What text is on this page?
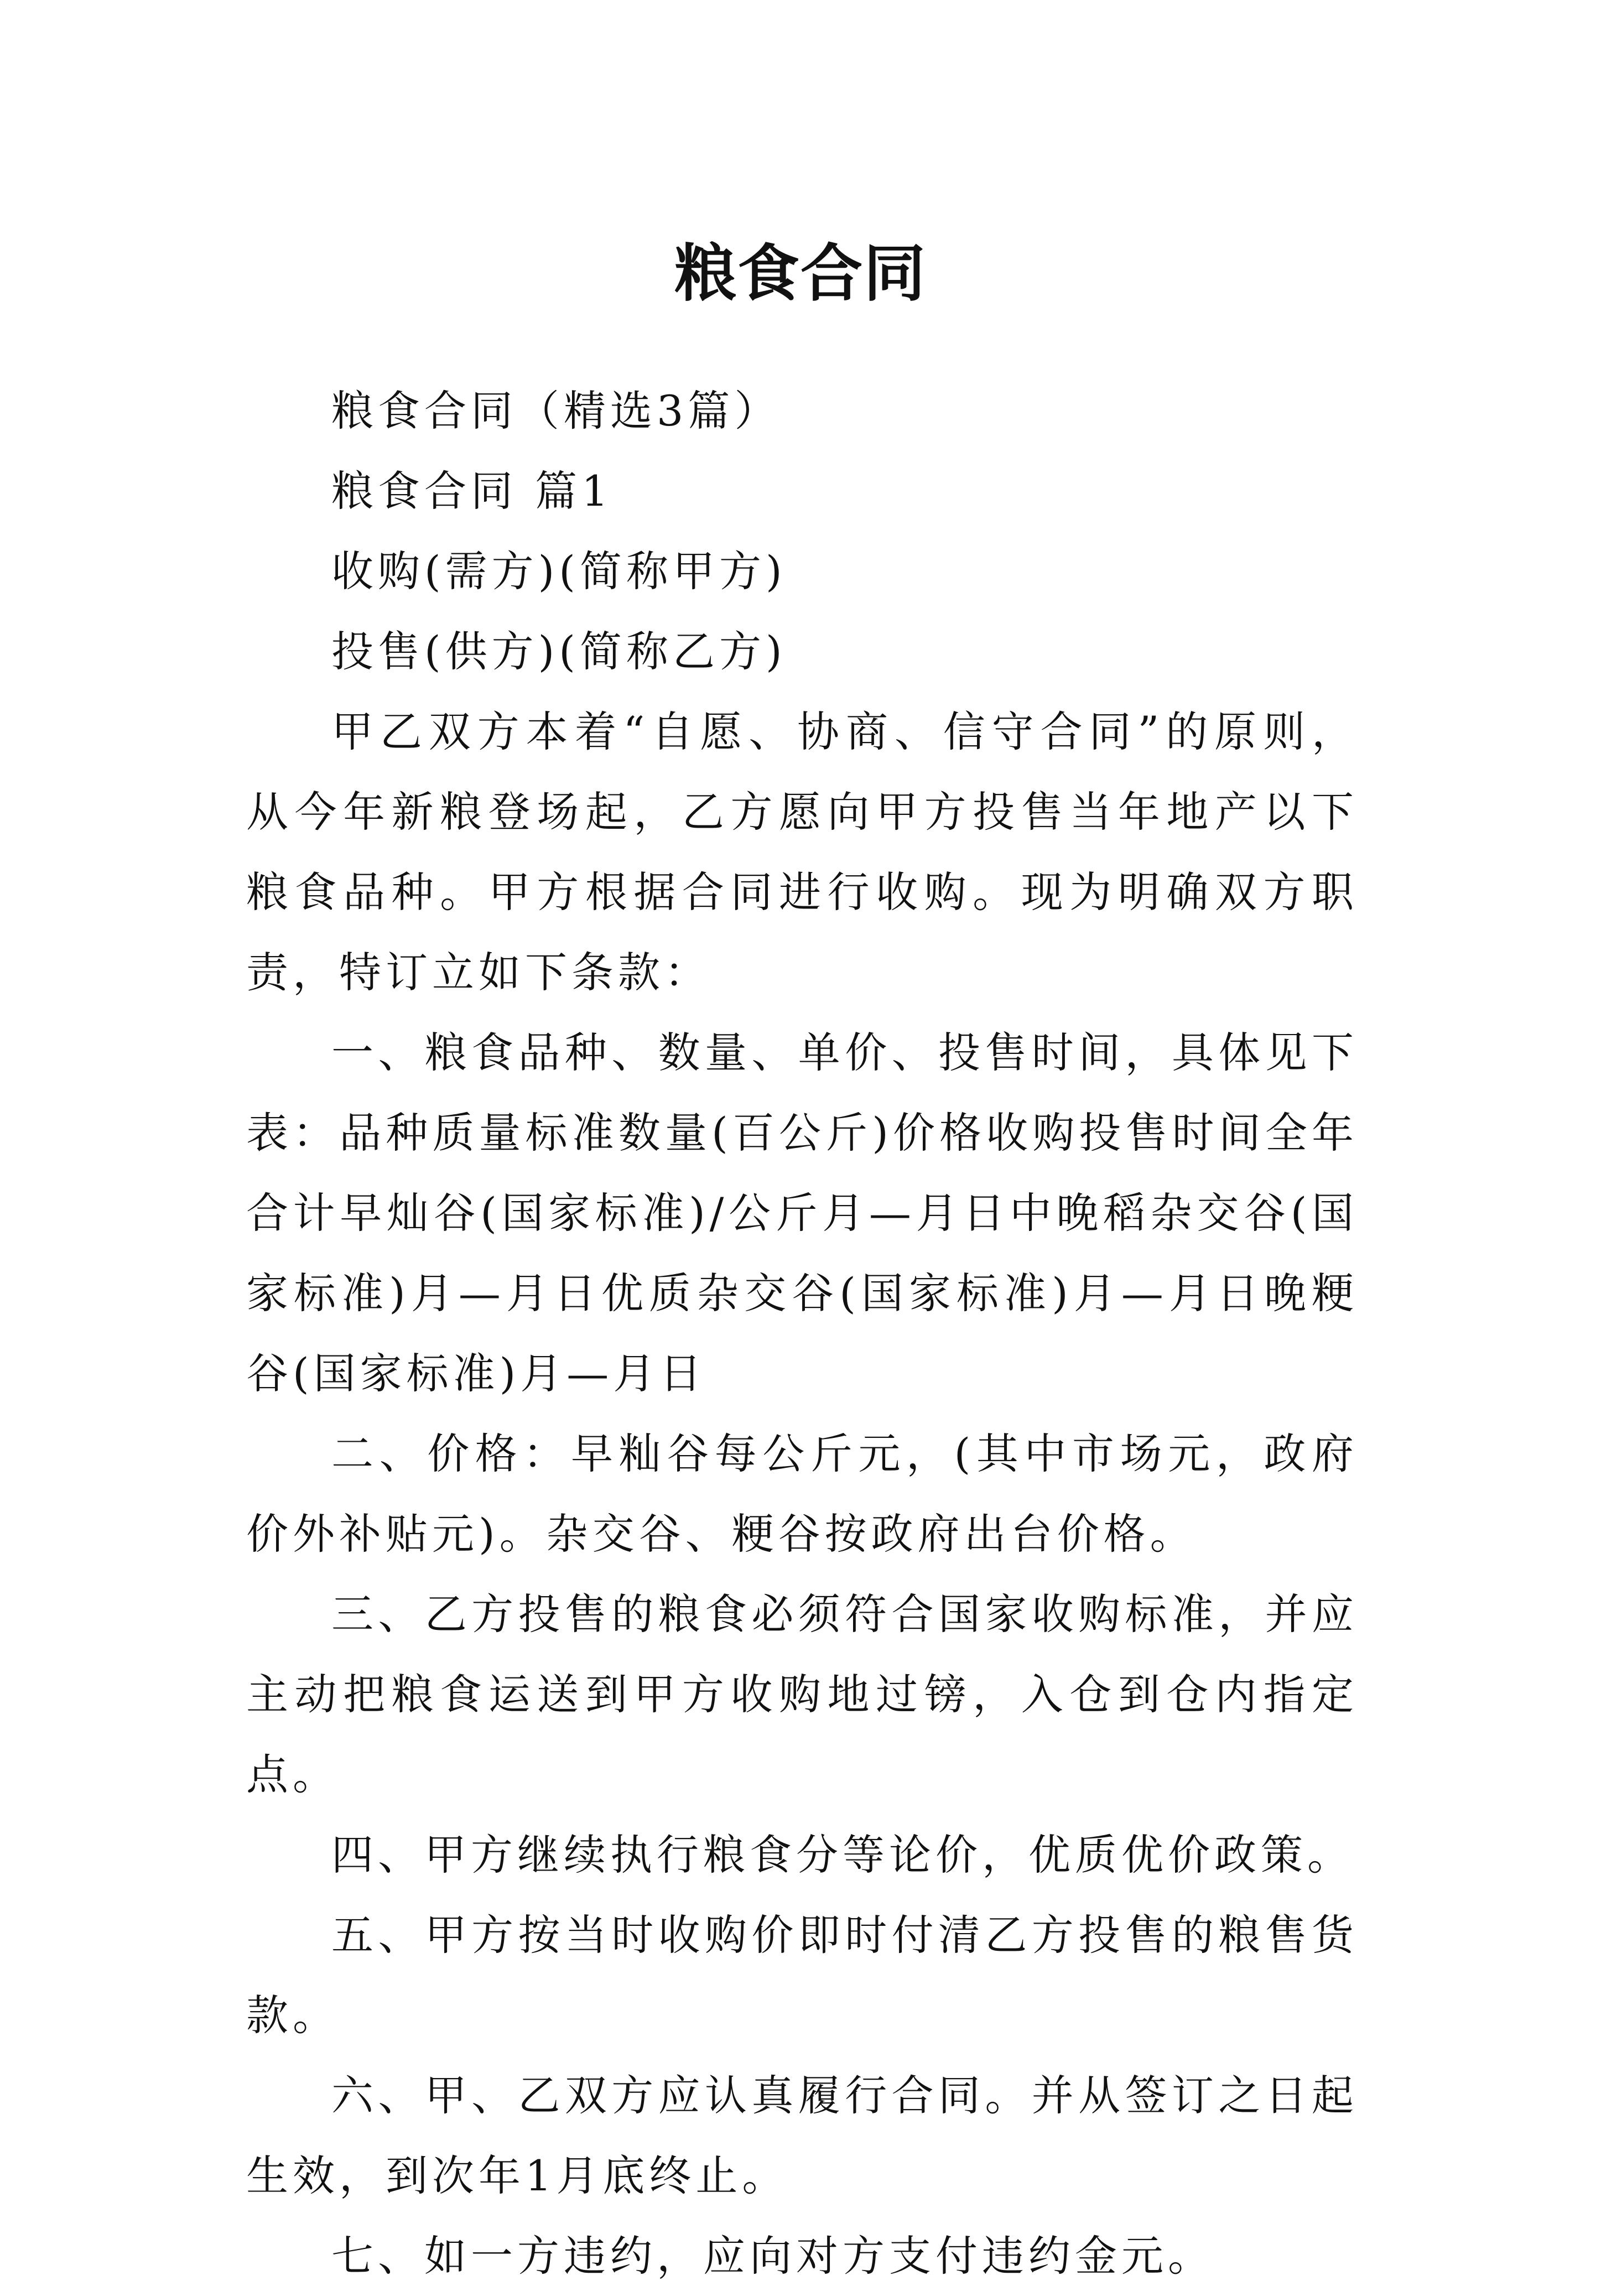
粮食合同

粮食合同（精选3篇）

粮食合同 篇1

收购(需方)(简称甲方)

投售(供方)(简称乙方)

甲乙双方本着“自愿、协商、信守合同”的原则，从今年新粮登场起，乙方愿向甲方投售当年地产以下粮食品种。甲方根据合同进行收购。现为明确双方职责，特订立如下条款：

一、粮食品种、数量、单价、投售时间，具体见下表：品种质量标准数量(百公斤)价格收购投售时间全年合计早灿谷(国家标准)/公斤月—月日中晚稻杂交谷(国家标准)月—月日优质杂交谷(国家标准)月—月日晚粳谷(国家标准)月—月日

二、价格：早籼谷每公斤元，(其中市场元，政府价外补贴元)。杂交谷、粳谷按政府出台价格。

三、乙方投售的粮食必须符合国家收购标准，并应主动把粮食运送到甲方收购地过镑，入仓到仓内指定点。

四、甲方继续执行粮食分等论价，优质优价政策。

五、甲方按当时收购价即时付清乙方投售的粮售货款。

六、甲、乙双方应认真履行合同。并从签订之日起生效，到次年1月底终止。

七、如一方违约，应向对方支付违约金元。
